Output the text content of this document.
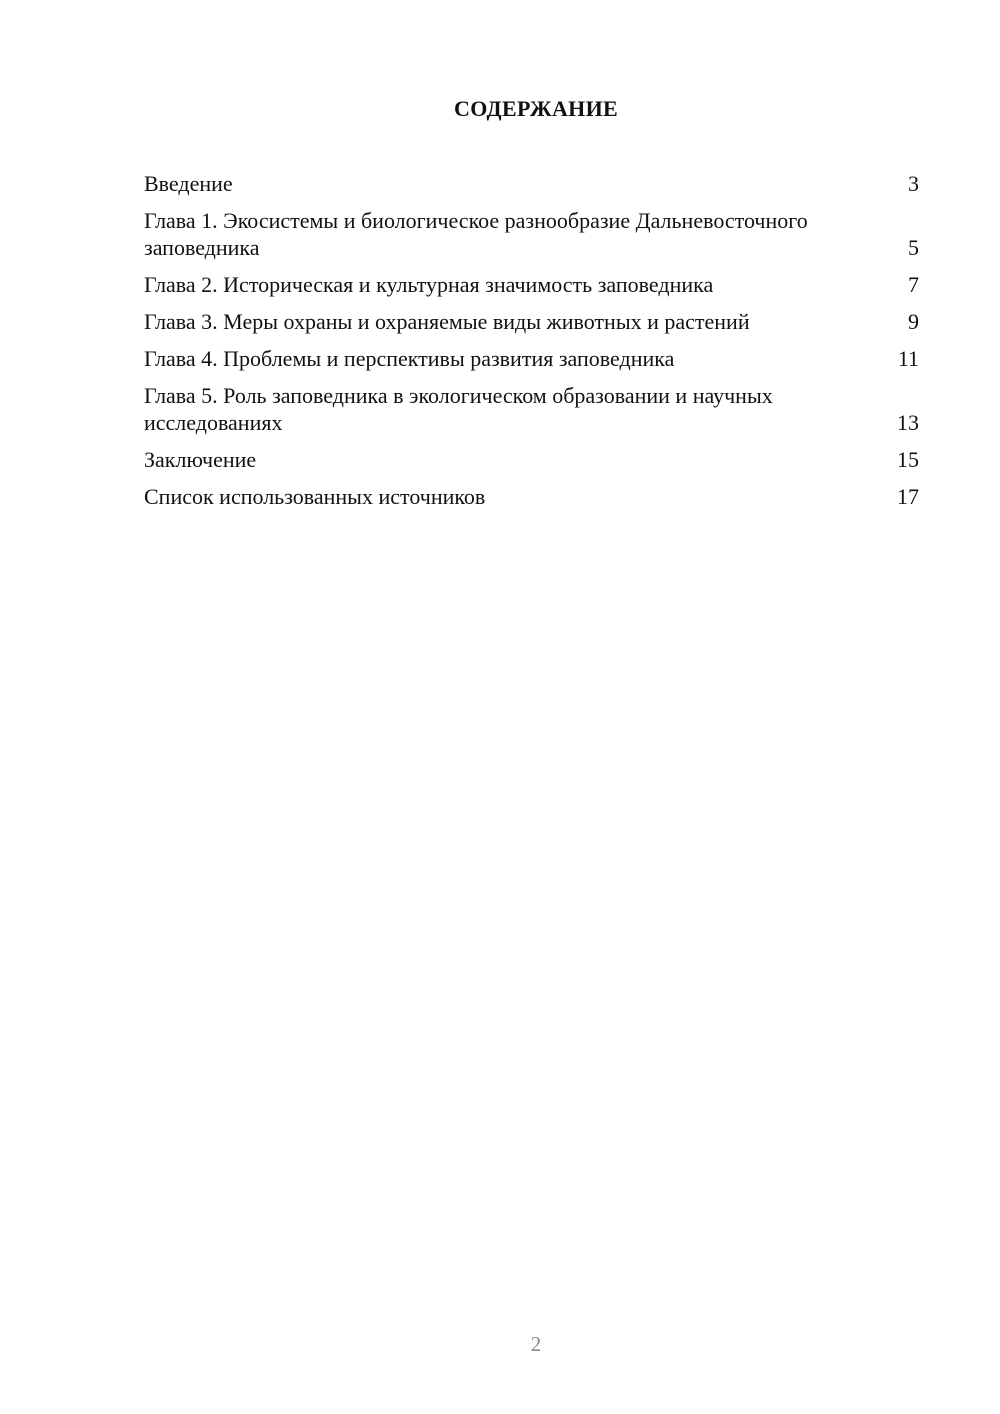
СОДЕРЖАНИЕ
Введение	3
Глава 1. Экосистемы и биологическое разнообразие Дальневосточного заповедника	5
Глава 2. Историческая и культурная значимость заповедника	7
Глава 3. Меры охраны и охраняемые виды животных и растений	9
Глава 4. Проблемы и перспективы развития заповедника	11
Глава 5. Роль заповедника в экологическом образовании и научных исследованиях	13
Заключение	15
Список использованных источников	17
2
